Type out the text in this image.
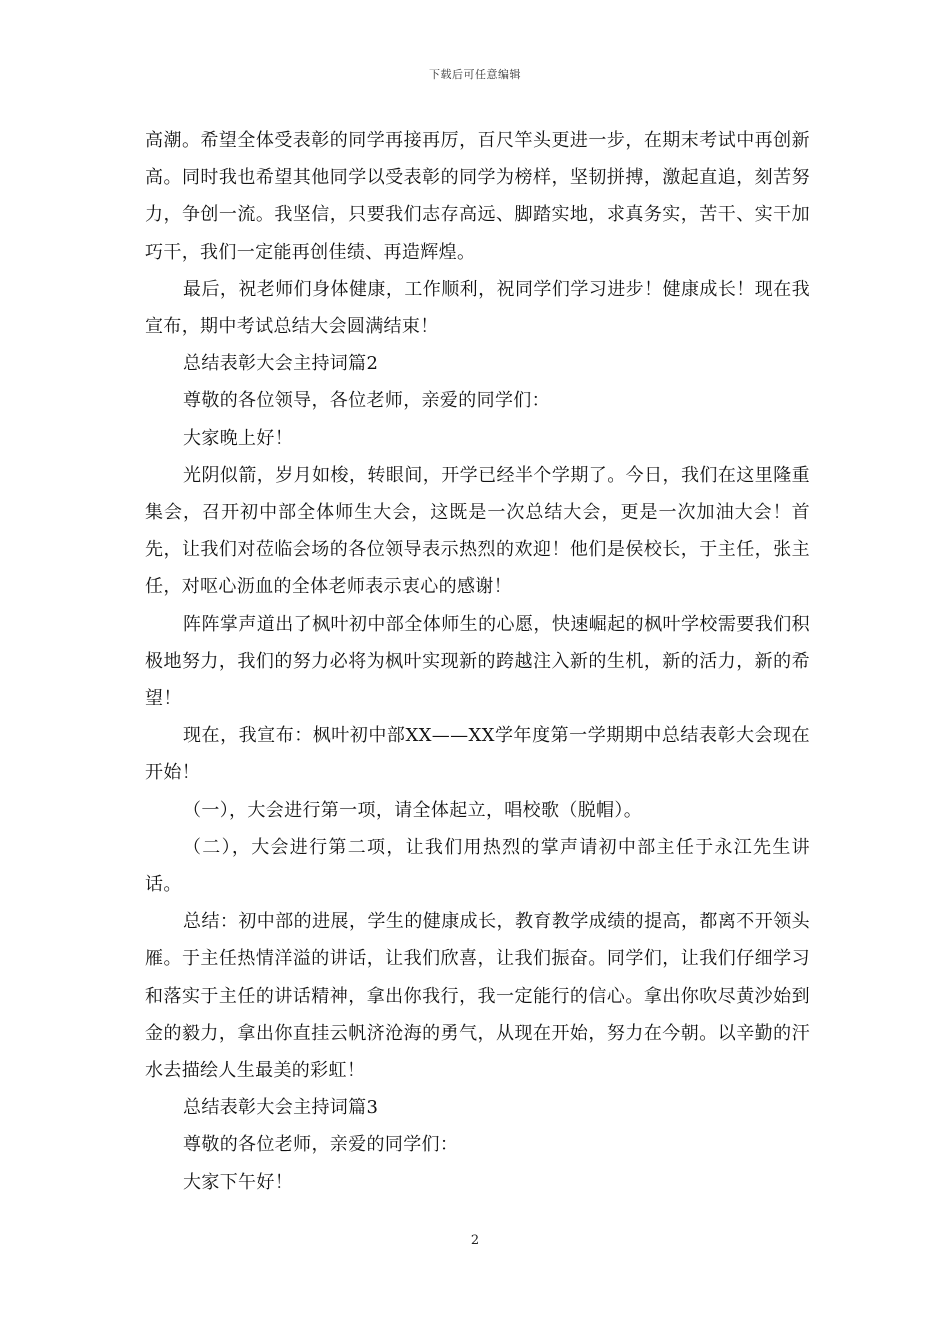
下载后可任意编辑

高潮。希望全体受表彰的同学再接再厉，百尺竿头更进一步，在期末考试中再创新高。同时我也希望其他同学以受表彰的同学为榜样，坚韧拼搏，激起直追，刻苦努力，争创一流。我坚信，只要我们志存高远、脚踏实地，求真务实，苦干、实干加巧干，我们一定能再创佳绩、再造辉煌。

最后，祝老师们身体健康，工作顺利，祝同学们学习进步！健康成长！现在我宣布，期中考试总结大会圆满结束！

总结表彰大会主持词篇2

尊敬的各位领导，各位老师，亲爱的同学们：

大家晚上好！

光阴似箭，岁月如梭，转眼间，开学已经半个学期了。今日，我们在这里隆重集会，召开初中部全体师生大会，这既是一次总结大会，更是一次加油大会！首先，让我们对莅临会场的各位领导表示热烈的欢迎！他们是侯校长，于主任，张主任，对呕心沥血的全体老师表示衷心的感谢！

阵阵掌声道出了枫叶初中部全体师生的心愿，快速崛起的枫叶学校需要我们积极地努力，我们的努力必将为枫叶实现新的跨越注入新的生机，新的活力，新的希望！

现在，我宣布：枫叶初中部XX——XX学年度第一学期期中总结表彰大会现在开始！

（一），大会进行第一项，请全体起立，唱校歌（脱帽）。

（二），大会进行第二项，让我们用热烈的掌声请初中部主任于永江先生讲话。

总结：初中部的进展，学生的健康成长，教育教学成绩的提高，都离不开领头雁。于主任热情洋溢的讲话，让我们欣喜，让我们振奋。同学们，让我们仔细学习和落实于主任的讲话精神，拿出你我行，我一定能行的信心。拿出你吹尽黄沙始到金的毅力，拿出你直挂云帆济沧海的勇气，从现在开始，努力在今朝。以辛勤的汗水去描绘人生最美的彩虹！

总结表彰大会主持词篇3

尊敬的各位老师，亲爱的同学们：

大家下午好！

2
